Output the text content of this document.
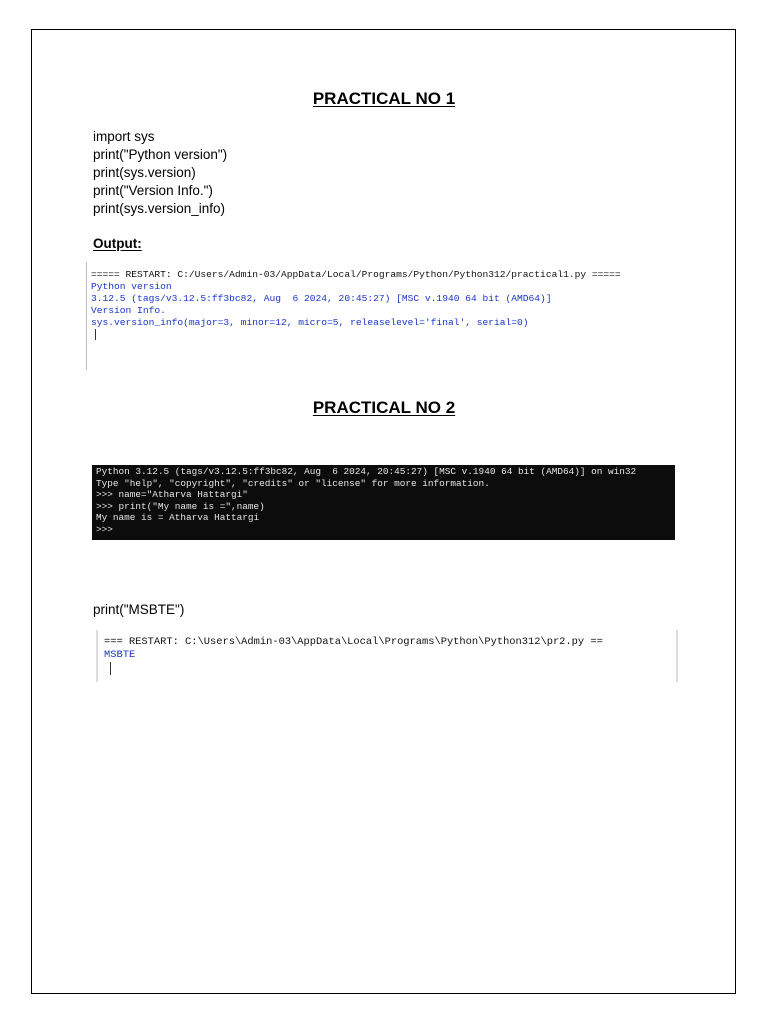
PRACTICAL NO 1
import sys
print("Python version")
print(sys.version)
print("Version Info.")
print(sys.version_info)
Output:
===== RESTART: C:/Users/Admin-03/AppData/Local/Programs/Python/Python312/practical1.py =====
Python version
3.12.5 (tags/v3.12.5:ff3bc82, Aug  6 2024, 20:45:27) [MSC v.1940 64 bit (AMD64)]
Version Info.
sys.version_info(major=3, minor=12, micro=5, releaselevel='final', serial=0)
PRACTICAL NO 2
Python 3.12.5 (tags/v3.12.5:ff3bc82, Aug  6 2024, 20:45:27) [MSC v.1940 64 bit (AMD64)] on win32
Type "help", "copyright", "credits" or "license" for more information.
>>> name="Atharva Hattargi"
>>> print("My name is =",name)
My name is = Atharva Hattargi
>>>
print("MSBTE")
=== RESTART: C:\Users\Admin-03\AppData\Local\Programs\Python\Python312\pr2.py ==
MSBTE
